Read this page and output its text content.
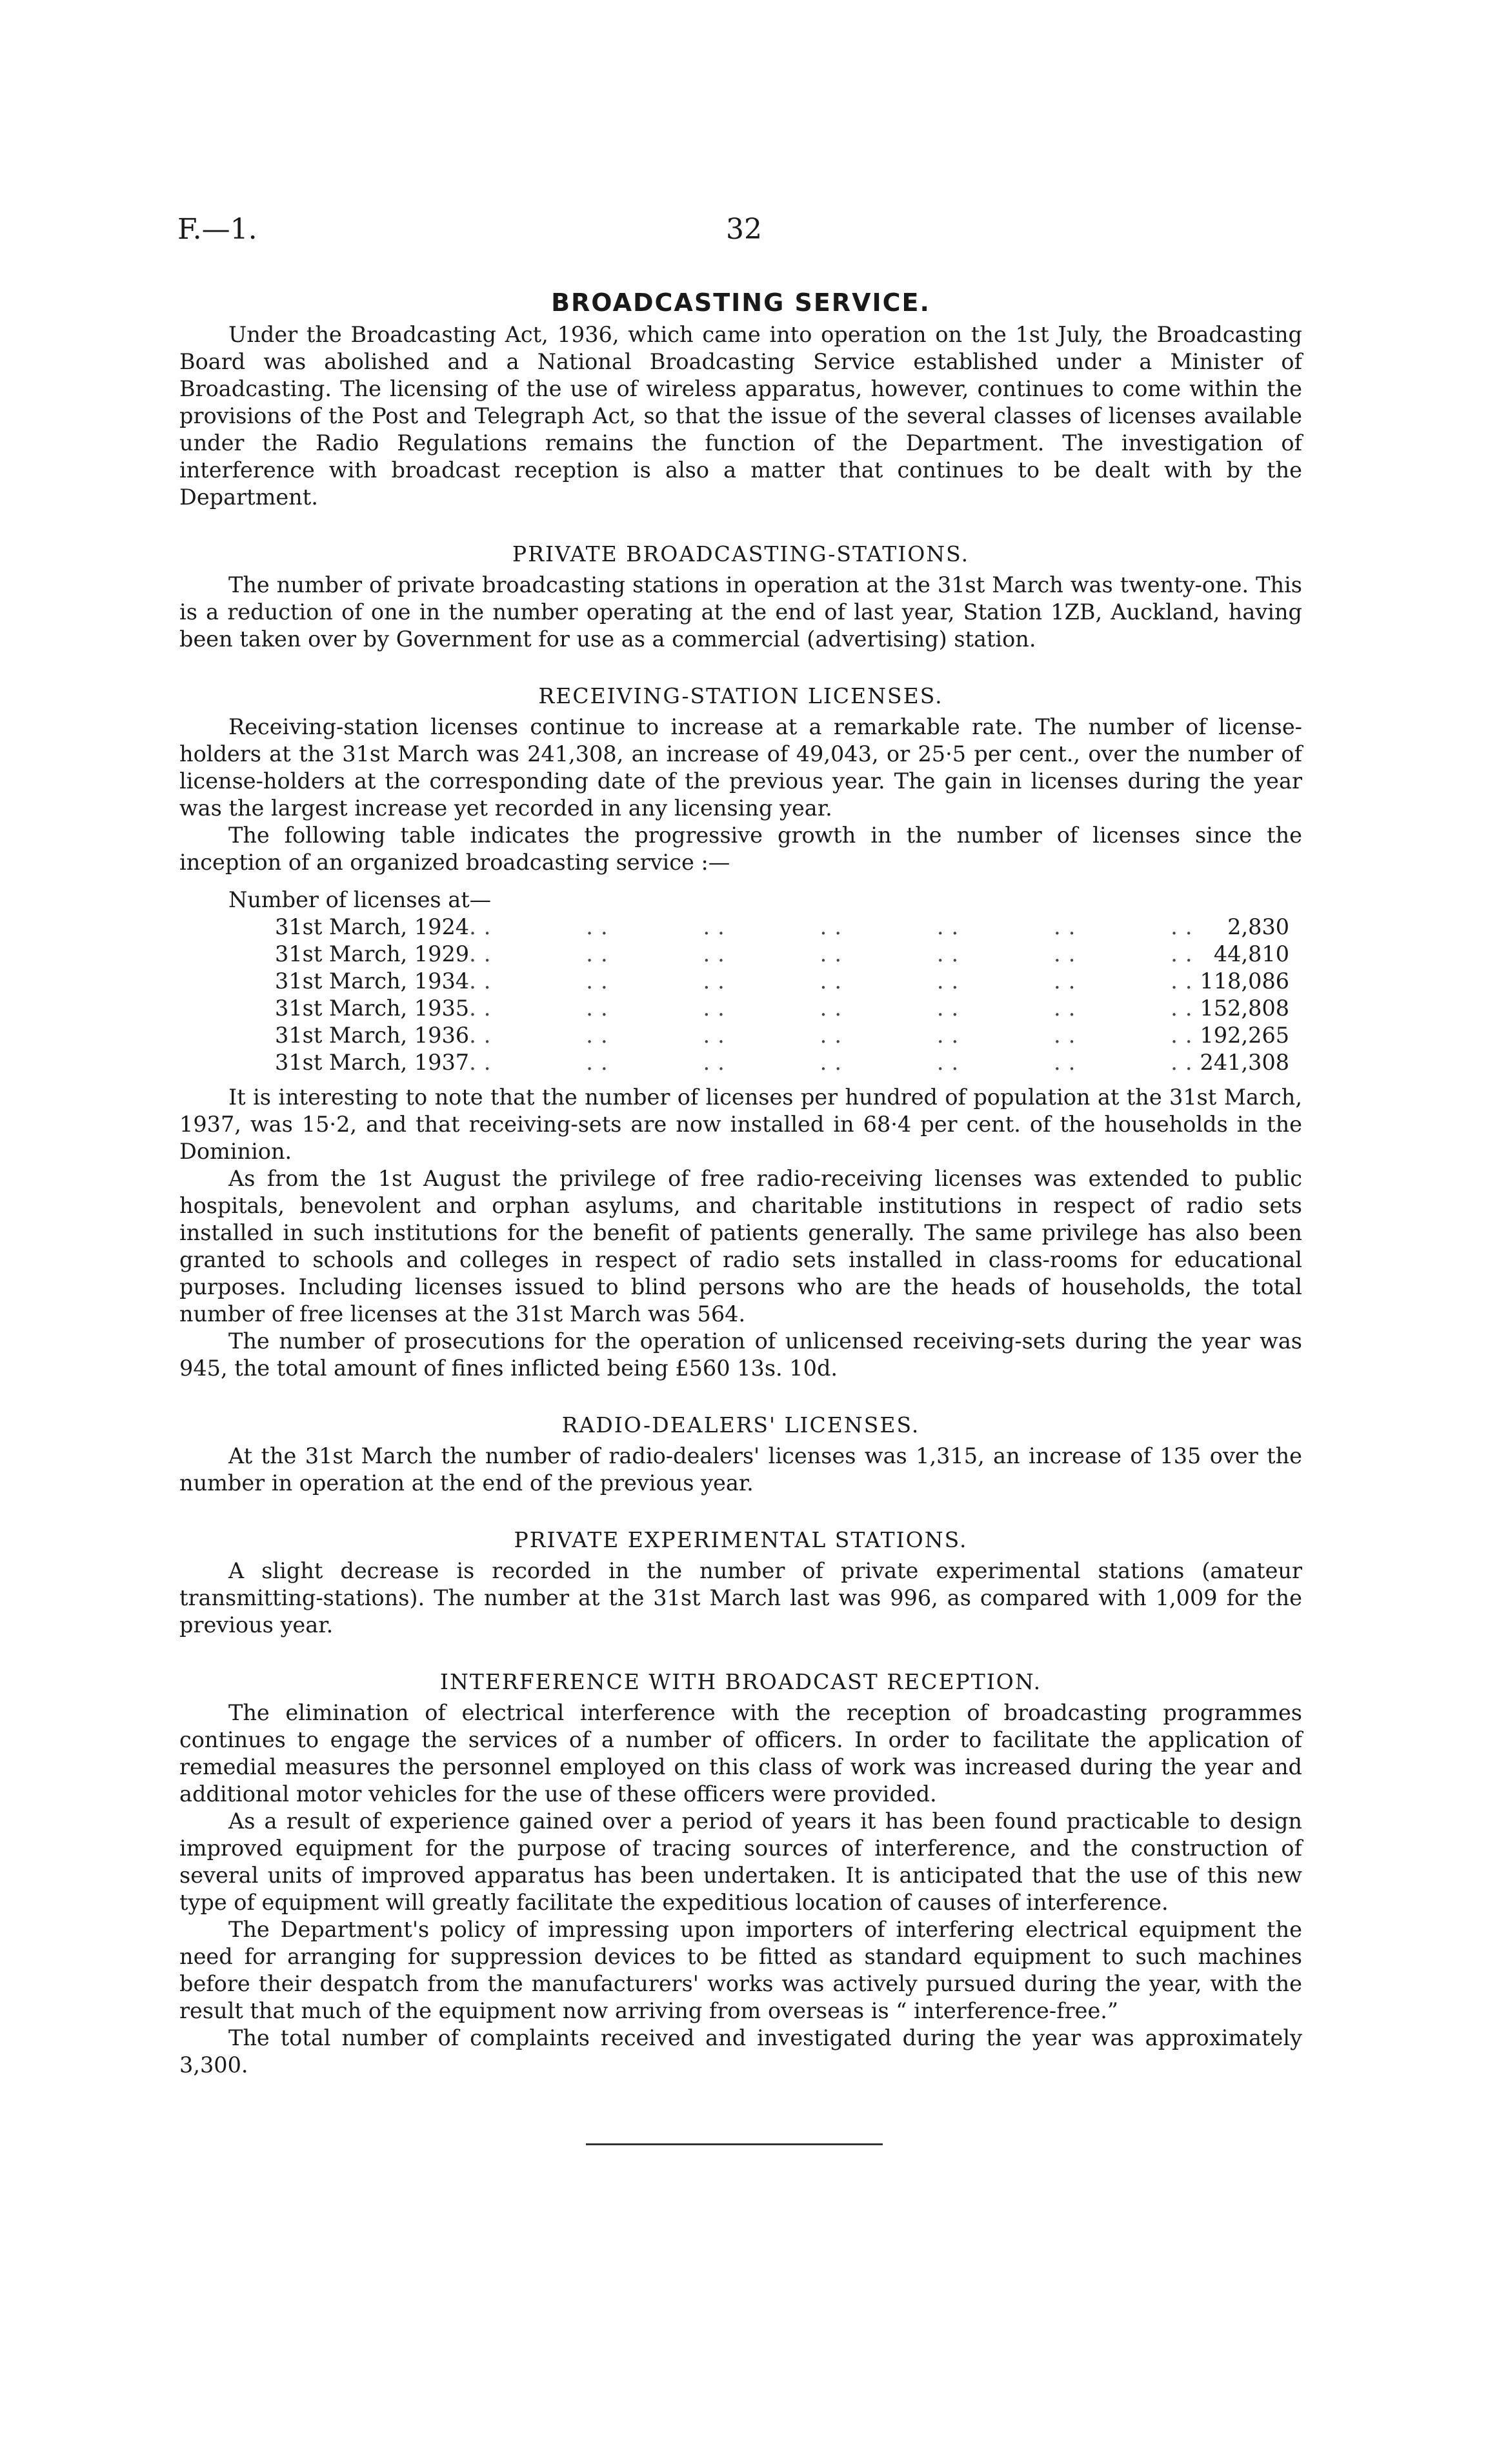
F.—1.	32
BROADCASTING SERVICE.

Under the Broadcasting Act, 1936, which came into operation on the 1st July, the Broadcasting Board was abolished and a National Broadcasting Service established under a Minister of Broadcasting. The licensing of the use of wireless apparatus, however, continues to come within the provisions of the Post and Telegraph Act, so that the issue of the several classes of licenses available under the Radio Regulations remains the function of the Department. The investigation of interference with broadcast reception is also a matter that continues to be dealt with by the Department.

PRIVATE BROADCASTING-STATIONS.

The number of private broadcasting stations in operation at the 31st March was twenty-one. This is a reduction of one in the number operating at the end of last year, Station 1ZB, Auckland, having been taken over by Government for use as a commercial (advertising) station.

RECEIVING-STATION LICENSES.

Receiving-station licenses continue to increase at a remarkable rate. The number of license-holders at the 31st March was 241,308, an increase of 49,043, or 25·5 per cent., over the number of license-holders at the corresponding date of the previous year. The gain in licenses during the year was the largest increase yet recorded in any licensing year.

The following table indicates the progressive growth in the number of licenses since the inception of an organized broadcasting service :—

Number of licenses at—
31st March, 1924	..      ..      ..      ..      ..      ..      ..	2,830
31st March, 1929	..      ..      ..      ..      ..      ..      ..	44,810
31st March, 1934	..      ..      ..      ..      ..      ..      ..	118,086
31st March, 1935	..      ..      ..      ..      ..      ..      ..	152,808
31st March, 1936	..      ..      ..      ..      ..      ..      ..	192,265
31st March, 1937	..      ..      ..      ..      ..      ..      ..	241,308

It is interesting to note that the number of licenses per hundred of population at the 31st March, 1937, was 15·2, and that receiving-sets are now installed in 68·4 per cent. of the households in the Dominion.

As from the 1st August the privilege of free radio-receiving licenses was extended to public hospitals, benevolent and orphan asylums, and charitable institutions in respect of radio sets installed in such institutions for the benefit of patients generally. The same privilege has also been granted to schools and colleges in respect of radio sets installed in class-rooms for educational purposes. Including licenses issued to blind persons who are the heads of households, the total number of free licenses at the 31st March was 564.

The number of prosecutions for the operation of unlicensed receiving-sets during the year was 945, the total amount of fines inflicted being £560 13s. 10d.

RADIO-DEALERS' LICENSES.

At the 31st March the number of radio-dealers' licenses was 1,315, an increase of 135 over the number in operation at the end of the previous year.

PRIVATE EXPERIMENTAL STATIONS.

A slight decrease is recorded in the number of private experimental stations (amateur transmitting-stations). The number at the 31st March last was 996, as compared with 1,009 for the previous year.

INTERFERENCE WITH BROADCAST RECEPTION.

The elimination of electrical interference with the reception of broadcasting programmes continues to engage the services of a number of officers. In order to facilitate the application of remedial measures the personnel employed on this class of work was increased during the year and additional motor vehicles for the use of these officers were provided.

As a result of experience gained over a period of years it has been found practicable to design improved equipment for the purpose of tracing sources of interference, and the construction of several units of improved apparatus has been undertaken. It is anticipated that the use of this new type of equipment will greatly facilitate the expeditious location of causes of interference.

The Department's policy of impressing upon importers of interfering electrical equipment the need for arranging for suppression devices to be fitted as standard equipment to such machines before their despatch from the manufacturers' works was actively pursued during the year, with the result that much of the equipment now arriving from overseas is “ interference-free.”

The total number of complaints received and investigated during the year was approximately 3,300.
